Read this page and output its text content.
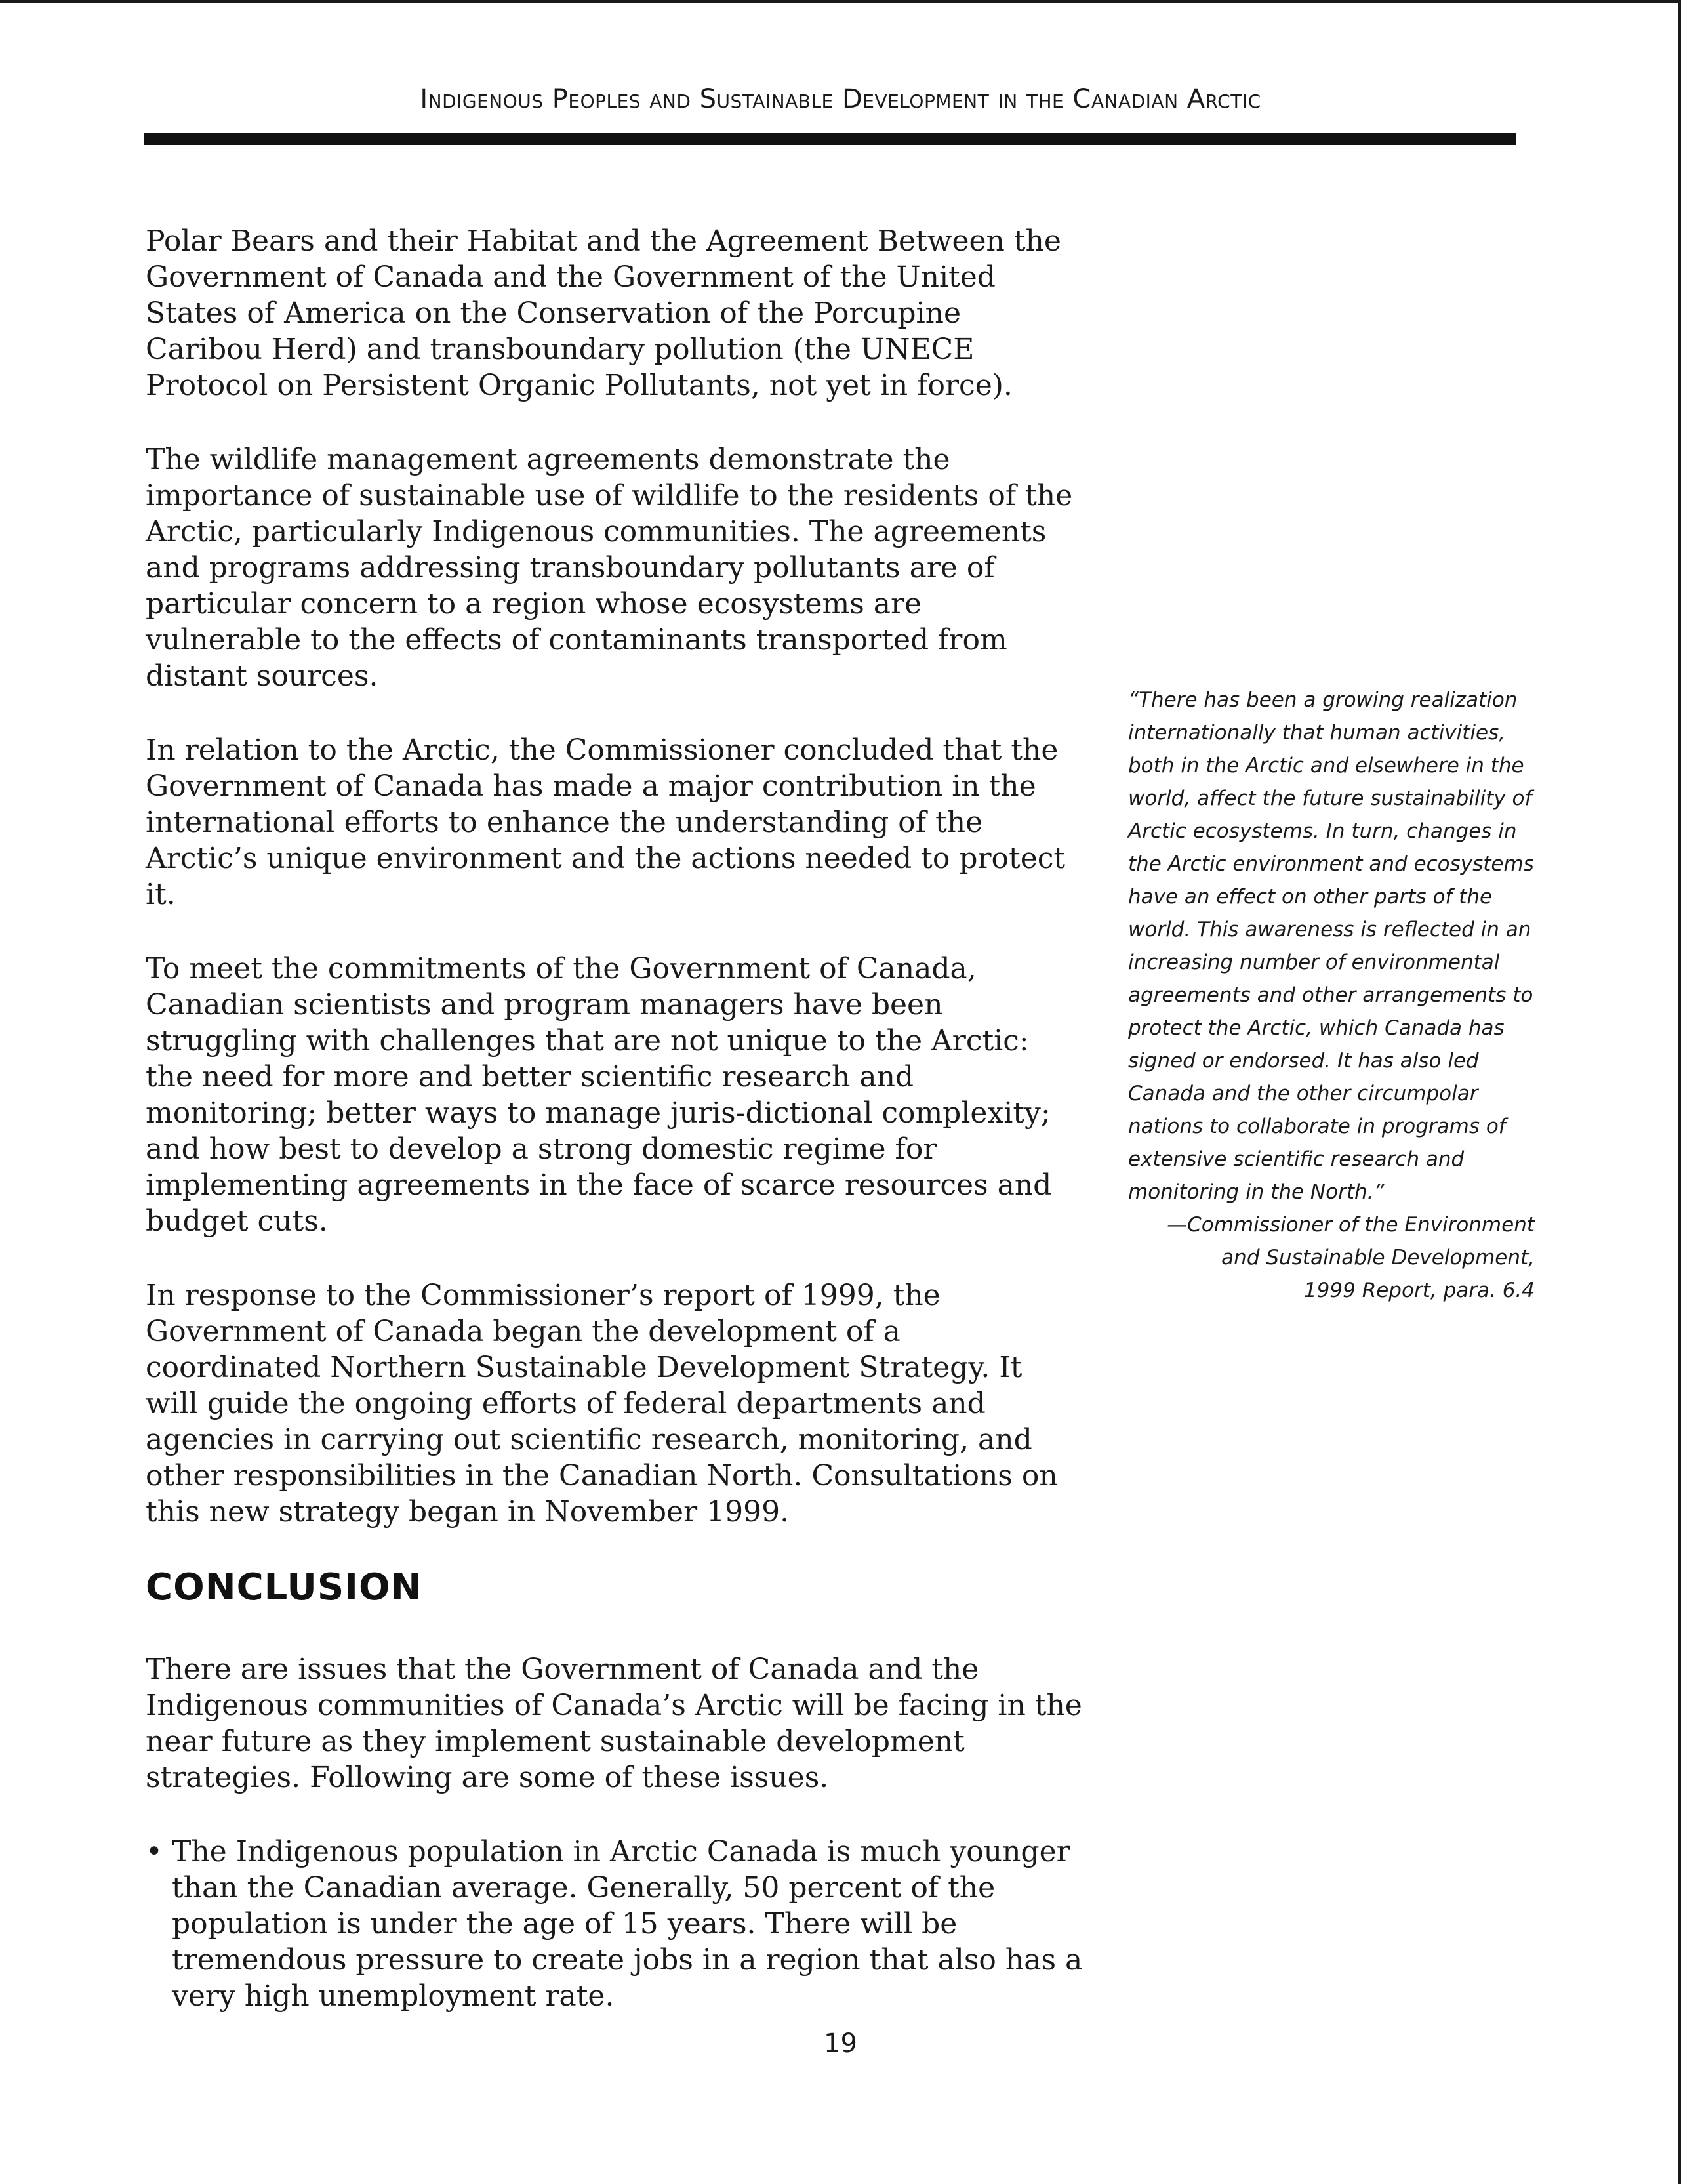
Indigenous Peoples and Sustainable Development in the Canadian Arctic

Polar Bears and their Habitat and the Agreement Between the Government of Canada and the Government of the United States of America on the Conservation of the Porcupine Caribou Herd) and transboundary pollution (the UNECE Protocol on Persistent Organic Pollutants, not yet in force).

The wildlife management agreements demonstrate the importance of sustainable use of wildlife to the residents of the Arctic, particularly Indigenous communities. The agreements and programs addressing transboundary pollutants are of particular concern to a region whose ecosystems are vulnerable to the effects of contaminants transported from distant sources.

In relation to the Arctic, the Commissioner concluded that the Government of Canada has made a major contribution in the international efforts to enhance the understanding of the Arctic’s unique environment and the actions needed to protect it.

To meet the commitments of the Government of Canada, Canadian scientists and program managers have been struggling with challenges that are not unique to the Arctic: the need for more and better scientific research and monitoring; better ways to manage juris-dictional complexity; and how best to develop a strong domestic regime for implementing agreements in the face of scarce resources and budget cuts.

In response to the Commissioner’s report of 1999, the Government of Canada began the development of a coordinated Northern Sustainable Development Strategy. It will guide the ongoing efforts of federal departments and agencies in carrying out scientific research, monitoring, and other responsibilities in the Canadian North. Consultations on this new strategy began in November 1999.

CONCLUSION

There are issues that the Government of Canada and the Indigenous communities of Canada’s Arctic will be facing in the near future as they implement sustainable development strategies. Following are some of these issues.

• The Indigenous population in Arctic Canada is much younger than the Canadian average. Generally, 50 percent of the population is under the age of 15 years. There will be tremendous pressure to create jobs in a region that also has a very high unemployment rate.

“There has been a growing realization internationally that human activities, both in the Arctic and elsewhere in the world, affect the future sustainability of Arctic ecosystems. In turn, changes in the Arctic environment and ecosystems have an effect on other parts of the world. This awareness is reflected in an increasing number of environmental agreements and other arrangements to protect the Arctic, which Canada has signed or endorsed. It has also led Canada and the other circumpolar nations to collaborate in programs of extensive scientific research and monitoring in the North.”

—Commissioner of the Environment
and Sustainable Development,
1999 Report, para. 6.4

19
